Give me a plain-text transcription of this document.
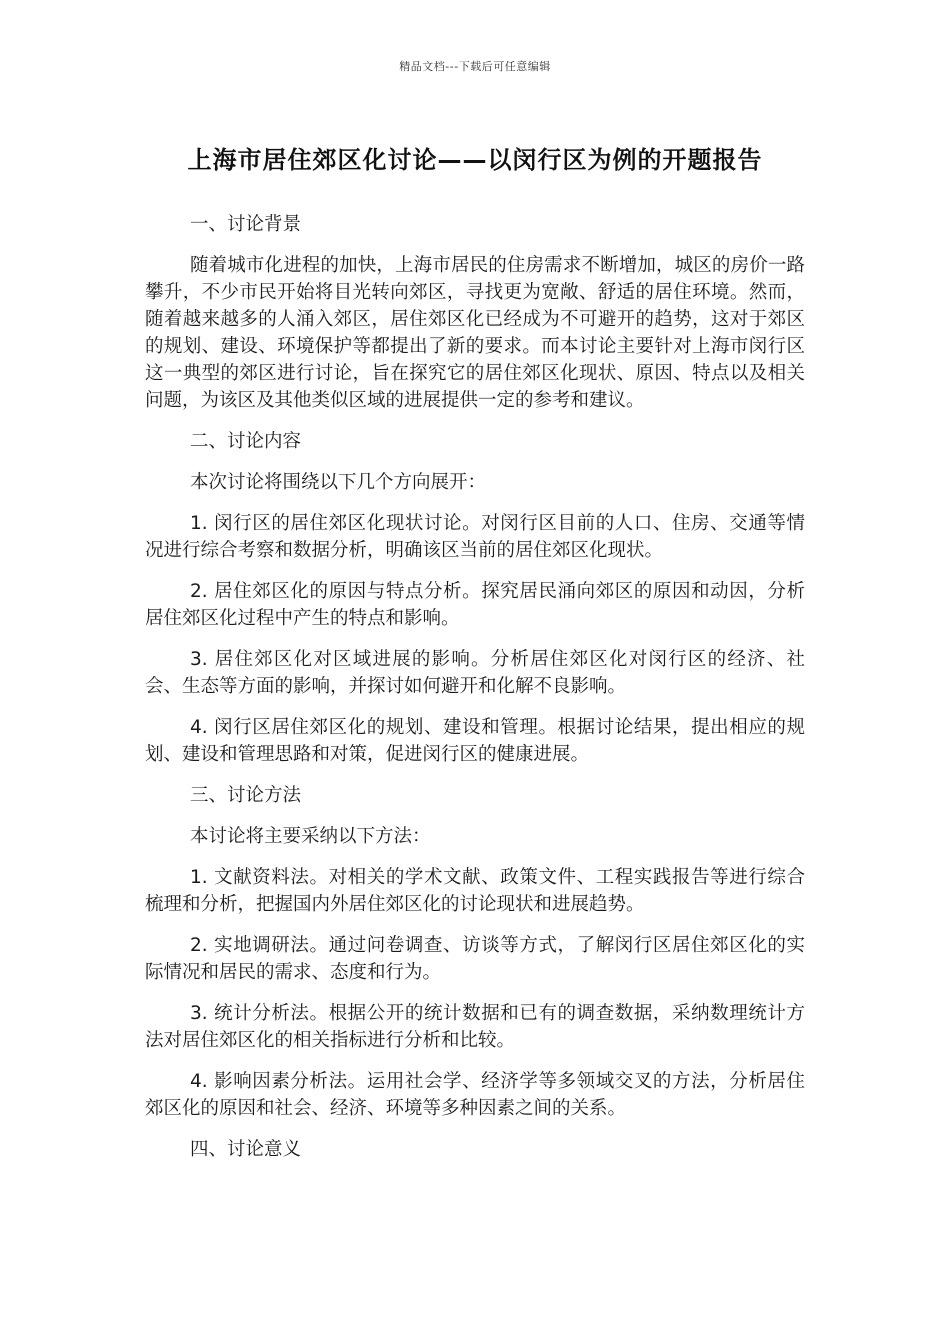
精品文档---下载后可任意编辑
上海市居住郊区化讨论——以闵行区为例的开题报告

一、讨论背景

随着城市化进程的加快，上海市居民的住房需求不断增加，城区的房价一路攀升，不少市民开始将目光转向郊区，寻找更为宽敞、舒适的居住环境。然而，随着越来越多的人涌入郊区，居住郊区化已经成为不可避开的趋势，这对于郊区的规划、建设、环境保护等都提出了新的要求。而本讨论主要针对上海市闵行区这一典型的郊区进行讨论，旨在探究它的居住郊区化现状、原因、特点以及相关问题，为该区及其他类似区域的进展提供一定的参考和建议。

二、讨论内容

本次讨论将围绕以下几个方向展开：

1. 闵行区的居住郊区化现状讨论。对闵行区目前的人口、住房、交通等情况进行综合考察和数据分析，明确该区当前的居住郊区化现状。

2. 居住郊区化的原因与特点分析。探究居民涌向郊区的原因和动因，分析居住郊区化过程中产生的特点和影响。

3. 居住郊区化对区域进展的影响。分析居住郊区化对闵行区的经济、社会、生态等方面的影响，并探讨如何避开和化解不良影响。

4. 闵行区居住郊区化的规划、建设和管理。根据讨论结果，提出相应的规划、建设和管理思路和对策，促进闵行区的健康进展。

三、讨论方法

本讨论将主要采纳以下方法：

1. 文献资料法。对相关的学术文献、政策文件、工程实践报告等进行综合梳理和分析，把握国内外居住郊区化的讨论现状和进展趋势。

2. 实地调研法。通过问卷调查、访谈等方式，了解闵行区居住郊区化的实际情况和居民的需求、态度和行为。

3. 统计分析法。根据公开的统计数据和已有的调查数据，采纳数理统计方法对居住郊区化的相关指标进行分析和比较。

4. 影响因素分析法。运用社会学、经济学等多领域交叉的方法，分析居住郊区化的原因和社会、经济、环境等多种因素之间的关系。

四、讨论意义
